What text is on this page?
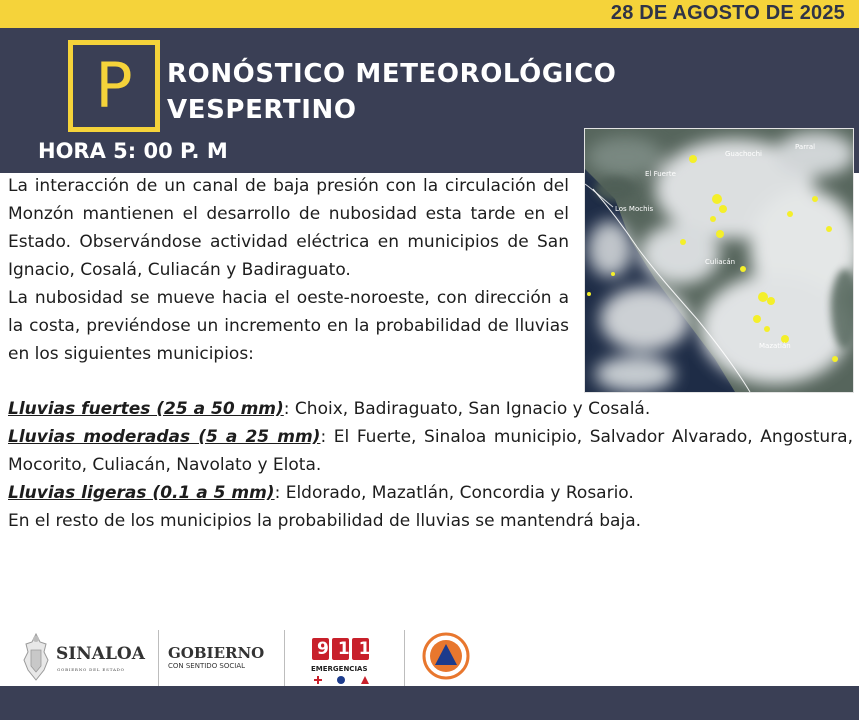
28 DE AGOSTO DE 2025
P	RONÓSTICO METEOROLÓGICO
VESPERTINO
HORA 5: 00 P. M	Guachochi
Parral
El Fuerte
Los Mochis
Culiacán
Mazatlán

La interacción de un canal de baja presión con la circulación del Monzón mantienen el desarrollo de nubosidad esta tarde en el Estado. Observándose actividad eléctrica en municipios de San Ignacio, Cosalá, Culiacán y Badiraguato.

La nubosidad se mueve hacia el oeste-noroeste, con dirección a la costa, previéndose un incremento en la probabilidad de lluvias en los siguientes municipios:

Lluvias fuertes (25 a 50 mm): Choix, Badiraguato, San Ignacio y Cosalá.

Lluvias moderadas (5 a 25 mm): El Fuerte, Sinaloa municipio, Salvador Alvarado, Angostura, Mocorito, Culiacán, Navolato y Elota.

Lluvias ligeras (0.1 a 5 mm): Eldorado, Mazatlán, Concordia y Rosario.

En el resto de los municipios la probabilidad de lluvias se mantendrá baja.

SINALOA
GOBIERNO DEL ESTADO
GOBIERNO
CON SENTIDO SOCIAL
911
EMERGENCIAS
